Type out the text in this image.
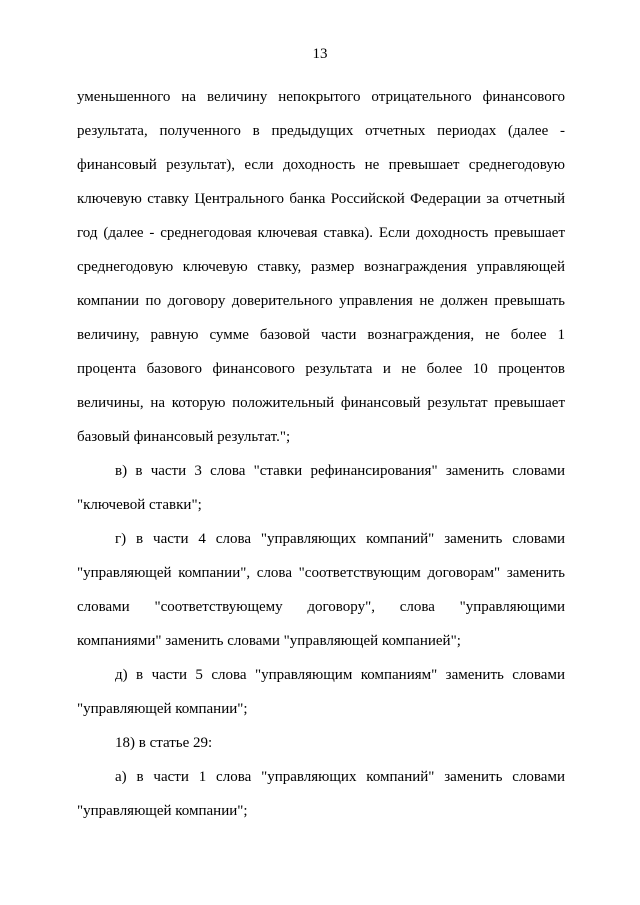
13

уменьшенного на величину непокрытого отрицательного финансового результата, полученного в предыдущих отчетных периодах (далее - финансовый результат), если доходность не превышает среднегодовую ключевую ставку Центрального банка Российской Федерации за отчетный год (далее - среднегодовая ключевая ставка). Если доходность превышает среднегодовую ключевую ставку, размер вознаграждения управляющей компании по договору доверительного управления не должен превышать величину, равную сумме базовой части вознаграждения, не более 1 процента базового финансового результата и не более 10 процентов величины, на которую положительный финансовый результат превышает базовый финансовый результат.";

в) в части 3 слова "ставки рефинансирования" заменить словами "ключевой ставки";

г) в части 4 слова "управляющих компаний" заменить словами "управляющей компании", слова "соответствующим договорам" заменить словами "соответствующему договору", слова "управляющими компаниями" заменить словами "управляющей компанией";

д) в части 5 слова "управляющим компаниям" заменить словами "управляющей компании";

18) в статье 29:

а) в части 1 слова "управляющих компаний" заменить словами "управляющей компании";
